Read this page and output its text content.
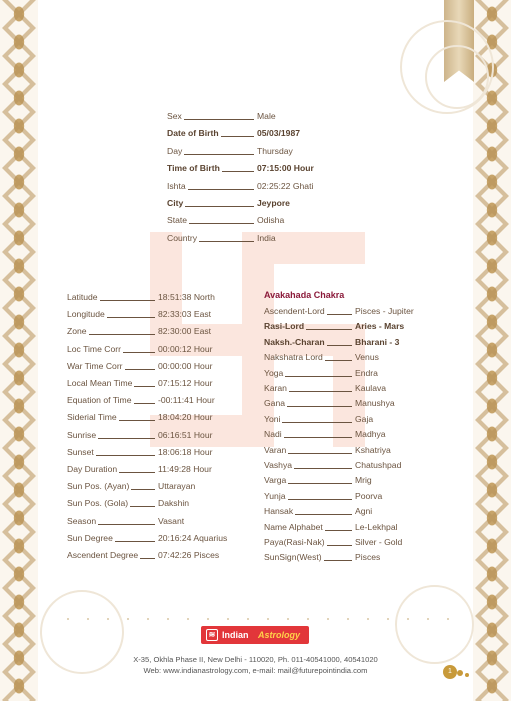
Sex	Male
Date of Birth	05/03/1987
Day	Thursday
Time of Birth	07:15:00 Hour
Ishta	02:25:22 Ghati
City	Jeypore
State	Odisha
Country	India
Latitude	18:51:38 North
Longitude	82:33:03 East
Zone	82:30:00 East
Loc Time Corr	00:00:12 Hour
War Time Corr	00:00:00 Hour
Local Mean Time	07:15:12 Hour
Equation of Time	-00:11:41 Hour
Siderial Time	18:04:20 Hour
Sunrise	06:16:51 Hour
Sunset	18:06:18 Hour
Day Duration	11:49:28 Hour
Sun Pos. (Ayan)	Uttarayan
Sun Pos. (Gola)	Dakshin
Season	Vasant
Sun Degree	20:16:24 Aquarius
Ascendent Degree 07:42:26 Pisces
Avakahada Chakra
Ascendent-Lord	Pisces - Jupiter
Rasi-Lord	Aries - Mars
Naksh.-Charan	Bharani - 3
Nakshatra Lord	Venus
Yoga	Endra
Karan	Kaulava
Gana	Manushya
Yoni	Gaja
Nadi	Madhya
Varan	Kshatriya
Vashya	Chatushpad
Varga	Mrig
Yunja	Poorva
Hansak	Agni
Name Alphabet	Le-Lekhpal
Paya(Rasi-Nak)	Silver - Gold
SunSign(West)	Pisces
≋ Indian Astrology
X-35, Okhla Phase II, New Delhi - 110020, Ph. 011-40541000, 40541020
Web: www.indianastrology.com, e-mail: mail@futurepointindia.com	1
